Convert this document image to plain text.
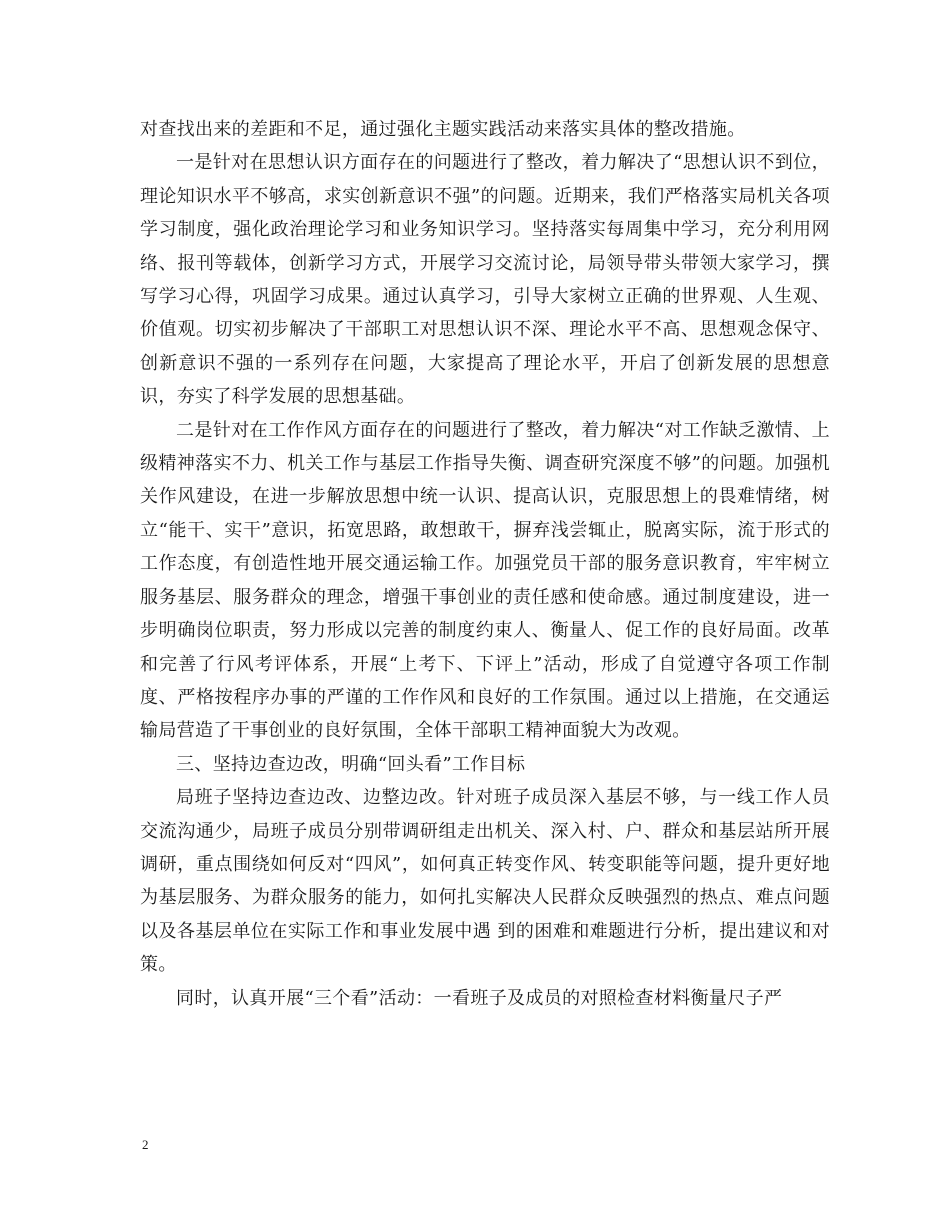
对查找出来的差距和不足，通过强化主题实践活动来落实具体的整改措施。

一是针对在思想认识方面存在的问题进行了整改，着力解决了“思想认识不到位，理论知识水平不够高，求实创新意识不强”的问题。近期来，我们严格落实局机关各项学习制度，强化政治理论学习和业务知识学习。坚持落实每周集中学习，充分利用网络、报刊等载体，创新学习方式，开展学习交流讨论，局领导带头带领大家学习，撰写学习心得，巩固学习成果。通过认真学习，引导大家树立正确的世界观、人生观、价值观。切实初步解决了干部职工对思想认识不深、理论水平不高、思想观念保守、创新意识不强的一系列存在问题，大家提高了理论水平，开启了创新发展的思想意识，夯实了科学发展的思想基础。

二是针对在工作作风方面存在的问题进行了整改，着力解决“对工作缺乏激情、上级精神落实不力、机关工作与基层工作指导失衡、调查研究深度不够”的问题。加强机关作风建设，在进一步解放思想中统一认识、提高认识，克服思想上的畏难情绪，树立“能干、实干”意识，拓宽思路，敢想敢干，摒弃浅尝辄止，脱离实际，流于形式的工作态度，有创造性地开展交通运输工作。加强党员干部的服务意识教育，牢牢树立服务基层、服务群众的理念，增强干事创业的责任感和使命感。通过制度建设，进一步明确岗位职责，努力形成以完善的制度约束人、衡量人、促工作的良好局面。改革和完善了行风考评体系，开展“上考下、下评上”活动，形成了自觉遵守各项工作制度、严格按程序办事的严谨的工作作风和良好的工作氛围。通过以上措施，在交通运输局营造了干事创业的良好氛围，全体干部职工精神面貌大为改观。

三、坚持边查边改，明确“回头看”工作目标

局班子坚持边查边改、边整边改。针对班子成员深入基层不够，与一线工作人员交流沟通少，局班子成员分别带调研组走出机关、深入村、户、群众和基层站所开展调研，重点围绕如何反对“四风”，如何真正转变作风、转变职能等问题，提升更好地为基层服务、为群众服务的能力，如何扎实解决人民群众反映强烈的热点、难点问题以及各基层单位在实际工作和事业发展中遇 到的困难和难题进行分析，提出建议和对策。

同时，认真开展“三个看”活动：一看班子及成员的对照检查材料衡量尺子严

2
